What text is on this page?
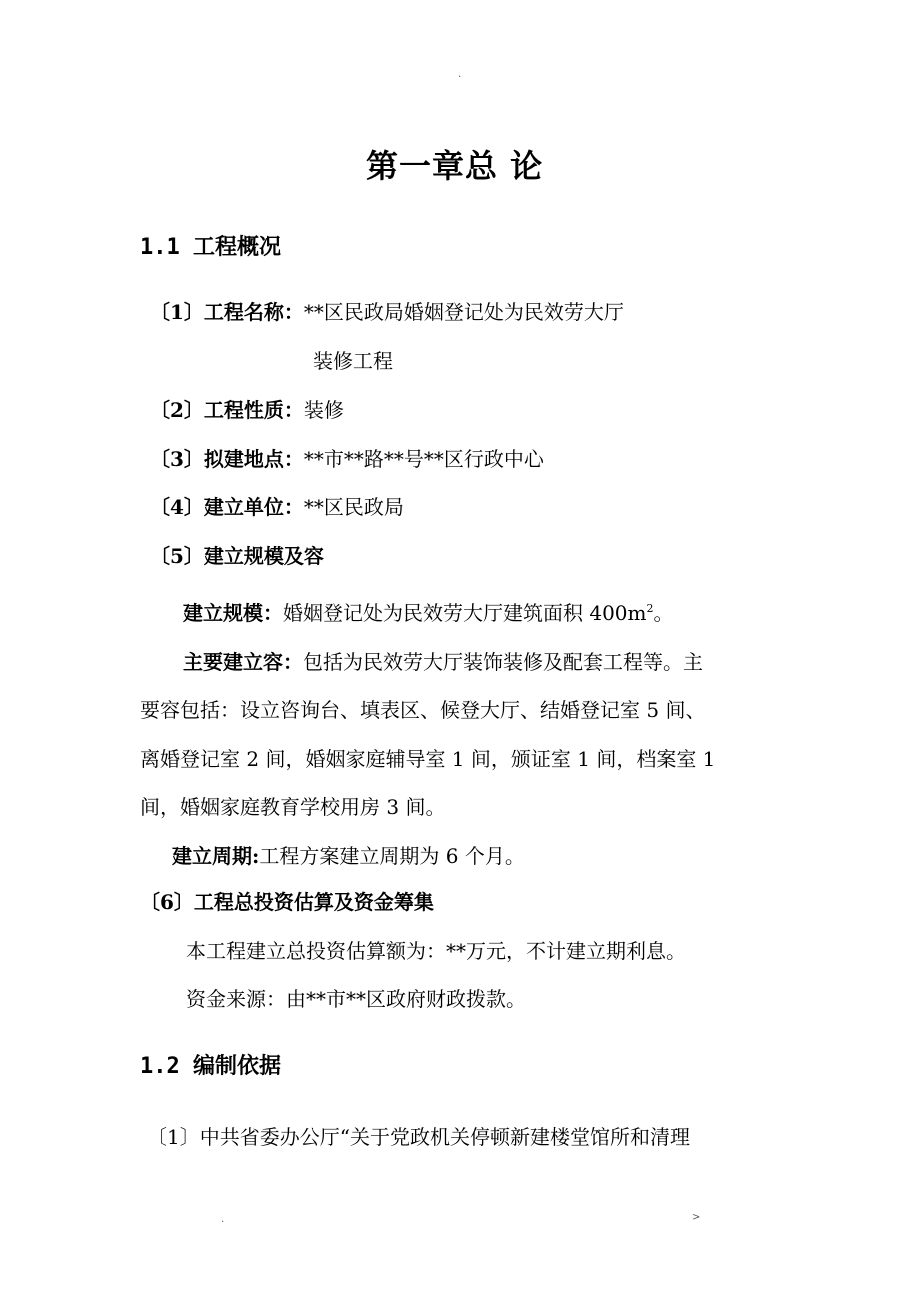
.
第一章总 论
1.1 工程概况
〔1〕工程名称：**区民政局婚姻登记处为民效劳大厅
装修工程
〔2〕工程性质：装修
〔3〕拟建地点：**市**路**号**区行政中心
〔4〕建立单位：**区民政局
〔5〕建立规模及容
建立规模：婚姻登记处为民效劳大厅建筑面积 $400m^2$。
主要建立容：包括为民效劳大厅装饰装修及配套工程等。主
要容包括：设立咨询台、填表区、候登大厅、结婚登记室 5 间、
离婚登记室 2 间，婚姻家庭辅导室 1 间，颁证室 1 间，档案室 1
间，婚姻家庭教育学校用房 3 间。
建立周期:工程方案建立周期为 6 个月。
〔6〕工程总投资估算及资金筹集
本工程建立总投资估算额为：**万元，不计建立期利息。
资金来源：由**市**区政府财政拨款。
1.2 编制依据
〔1〕中共省委办公厅“关于党政机关停顿新建楼堂馆所和清理
.	>
